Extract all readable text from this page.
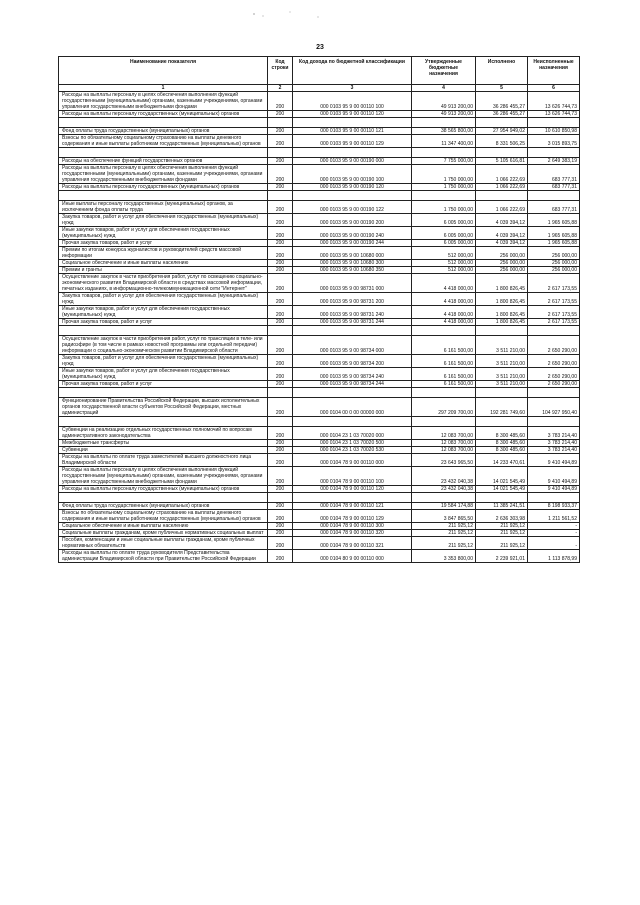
23
Наименование показателя	Код строки	Код дохода по бюджетной классификации	Утвержденные бюджетные назначения	Исполнено	Неисполненные назначения
1	2	3	4	5	6
Расходы на выплаты персоналу в целях обеспечения выполнения функций государственными (муниципальными) органами, казенными учреждениями, органами управления государственными внебюджетными фондами	200	000 0103 95 9 00 00110 100	49 913 200,00	36 286 455,27	13 626 744,73
Расходы на выплаты персоналу государственных (муниципальных) органов	200	000 0103 95 9 00 00110 120	49 913 200,00	36 286 455,27	13 626 744,73

Фонд оплаты труда государственных (муниципальных) органов	200	000 0103 95 9 00 00110 121	38 565 800,00	27 954 949,02	10 610 850,98
Взносы по обязательному социальному страхованию на выплаты денежного содержания и иные выплаты работникам государственных (муниципальных) органов	200	000 0103 95 9 00 00110 129	11 347 400,00	8 331 506,25	3 015 893,75

Расходы на обеспечение функций государственных органов	200	000 0103 95 9 00 00190 000	7 755 000,00	5 105 616,81	2 649 383,19
Расходы на выплаты персоналу в целях обеспечения выполнения функций государственными (муниципальными) органами, казенными учреждениями, органами управления государственными внебюджетными фондами	200	000 0103 95 9 00 00190 100	1 750 000,00	1 066 222,69	683 777,31
Расходы на выплаты персоналу государственных (муниципальных) органов	200	000 0103 95 9 00 00190 120	1 750 000,00	1 066 222,69	683 777,31

Иные выплаты персоналу государственных (муниципальных) органов, за исключением фонда оплаты труда	200	000 0103 95 9 00 00190 122	1 750 000,00	1 066 222,69	683 777,31
Закупка товаров, работ и услуг для обеспечения государственных (муниципальных) нужд	200	000 0103 95 9 00 00190 200	6 005 000,00	4 039 394,12	1 965 605,88
Иные закупки товаров, работ и услуг для обеспечения государственных (муниципальных) нужд	200	000 0103 95 9 00 00190 240	6 005 000,00	4 039 394,12	1 965 605,88
Прочая закупка товаров, работ и услуг	200	000 0103 95 9 00 00190 244	6 005 000,00	4 039 394,12	1 965 605,88
Премии по итогам конкурса журналистов и руководителей средств массовой информации	200	000 0103 95 9 00 10680 000	512 000,00	256 000,00	256 000,00
Социальное обеспечение и иные выплаты населению	200	000 0103 95 9 00 10680 300	512 000,00	256 000,00	256 000,00
Премии и гранты	200	000 0103 95 9 00 10680 350	512 000,00	256 000,00	256 000,00
Осуществление закупок в части приобретения работ, услуг по освещению социально-экономического развития Владимирской области в средствах массовой информации, печатных изданиях, в информационно-телекоммуникационной сети "Интернет"	200	000 0103 95 9 00 98731 000	4 418 000,00	1 800 826,45	2 617 173,55
Закупка товаров, работ и услуг для обеспечения государственных (муниципальных) нужд	200	000 0103 95 9 00 98731 200	4 418 000,00	1 800 826,45	2 617 173,55
Иные закупки товаров, работ и услуг для обеспечения государственных (муниципальных) нужд	200	000 0103 95 9 00 98731 240	4 418 000,00	1 800 826,45	2 617 173,55
Прочая закупка товаров, работ и услуг	200	000 0103 95 9 00 98731 244	4 418 000,00	1 800 826,45	2 617 173,55

Осуществление закупок в части приобретения работ, услуг по трансляции в теле- или радиоэфире (в том числе в рамках новостной программы или отдельной передачи) информации о социально-экономическом развитии Владимирской области	200	000 0103 95 9 00 98734 000	6 161 500,00	3 511 210,00	2 650 290,00
Закупка товаров, работ и услуг для обеспечения государственных (муниципальных) нужд	200	000 0103 95 9 00 98734 200	6 161 500,00	3 511 210,00	2 650 290,00
Иные закупки товаров, работ и услуг для обеспечения государственных (муниципальных) нужд	200	000 0103 95 9 00 98734 240	6 161 500,00	3 511 210,00	2 650 290,00
Прочая закупка товаров, работ и услуг	200	000 0103 95 9 00 98734 244	6 161 500,00	3 511 210,00	2 650 290,00

Функционирование Правительства Российской Федерации, высших исполнительных органов государственной власти субъектов Российской Федерации, местных администраций	200	000 0104 00 0 00 00000 000	297 209 700,00	192 281 749,60	104 927 950,40

Субвенции на реализацию отдельных государственных полномочий по вопросам административного законодательства	200	000 0104 23 1 03 70020 000	12 083 700,00	8 300 485,60	3 783 214,40
Межбюджетные трансферты	200	000 0104 23 1 03 70020 500	12 083 700,00	8 300 485,60	3 783 214,40
Субвенции	200	000 0104 23 1 03 70020 530	12 083 700,00	8 300 485,60	3 783 214,40
Расходы на выплаты по оплате труда заместителей высшего должностного лица Владимирской области	200	000 0104 78 9 00 00110 000	23 643 965,50	14 233 470,61	9 410 494,89
Расходы на выплаты персоналу в целях обеспечения выполнения функций государственными (муниципальными) органами, казенными учреждениями, органами управления государственными внебюджетными фондами	200	000 0104 78 9 00 00110 100	23 432 040,38	14 021 545,49	9 410 494,89
Расходы на выплаты персоналу государственных (муниципальных) органов	200	000 0104 78 9 00 00110 120	23 432 040,38	14 021 545,49	9 410 494,89

Фонд оплаты труда государственных (муниципальных) органов	200	000 0104 78 9 00 00110 121	19 584 174,88	11 385 241,51	8 198 933,37
Взносы по обязательному социальному страхованию на выплаты денежного содержания и иные выплаты работникам государственных (муниципальных) органов	200	000 0104 78 9 00 00110 129	3 847 865,50	2 636 303,98	1 211 561,52
Социальное обеспечение и иные выплаты населению	200	000 0104 78 9 00 00110 300	211 925,12	211 925,12	-
Социальные выплаты гражданам, кроме публичных нормативных социальных выплат	200	000 0104 78 9 00 00110 320	211 925,12	211 925,12	-
Пособия, компенсации и иные социальные выплаты гражданам, кроме публичных нормативных обязательств	200	000 0104 78 9 00 00110 321	211 925,12	211 925,12	-
Расходы на выплаты по оплате труда руководителя Представительства администрации Владимирской области при Правительстве Российской Федерации	200	000 0104 80 9 00 00110 000	3 353 800,00	2 239 921,01	1 113 878,99
